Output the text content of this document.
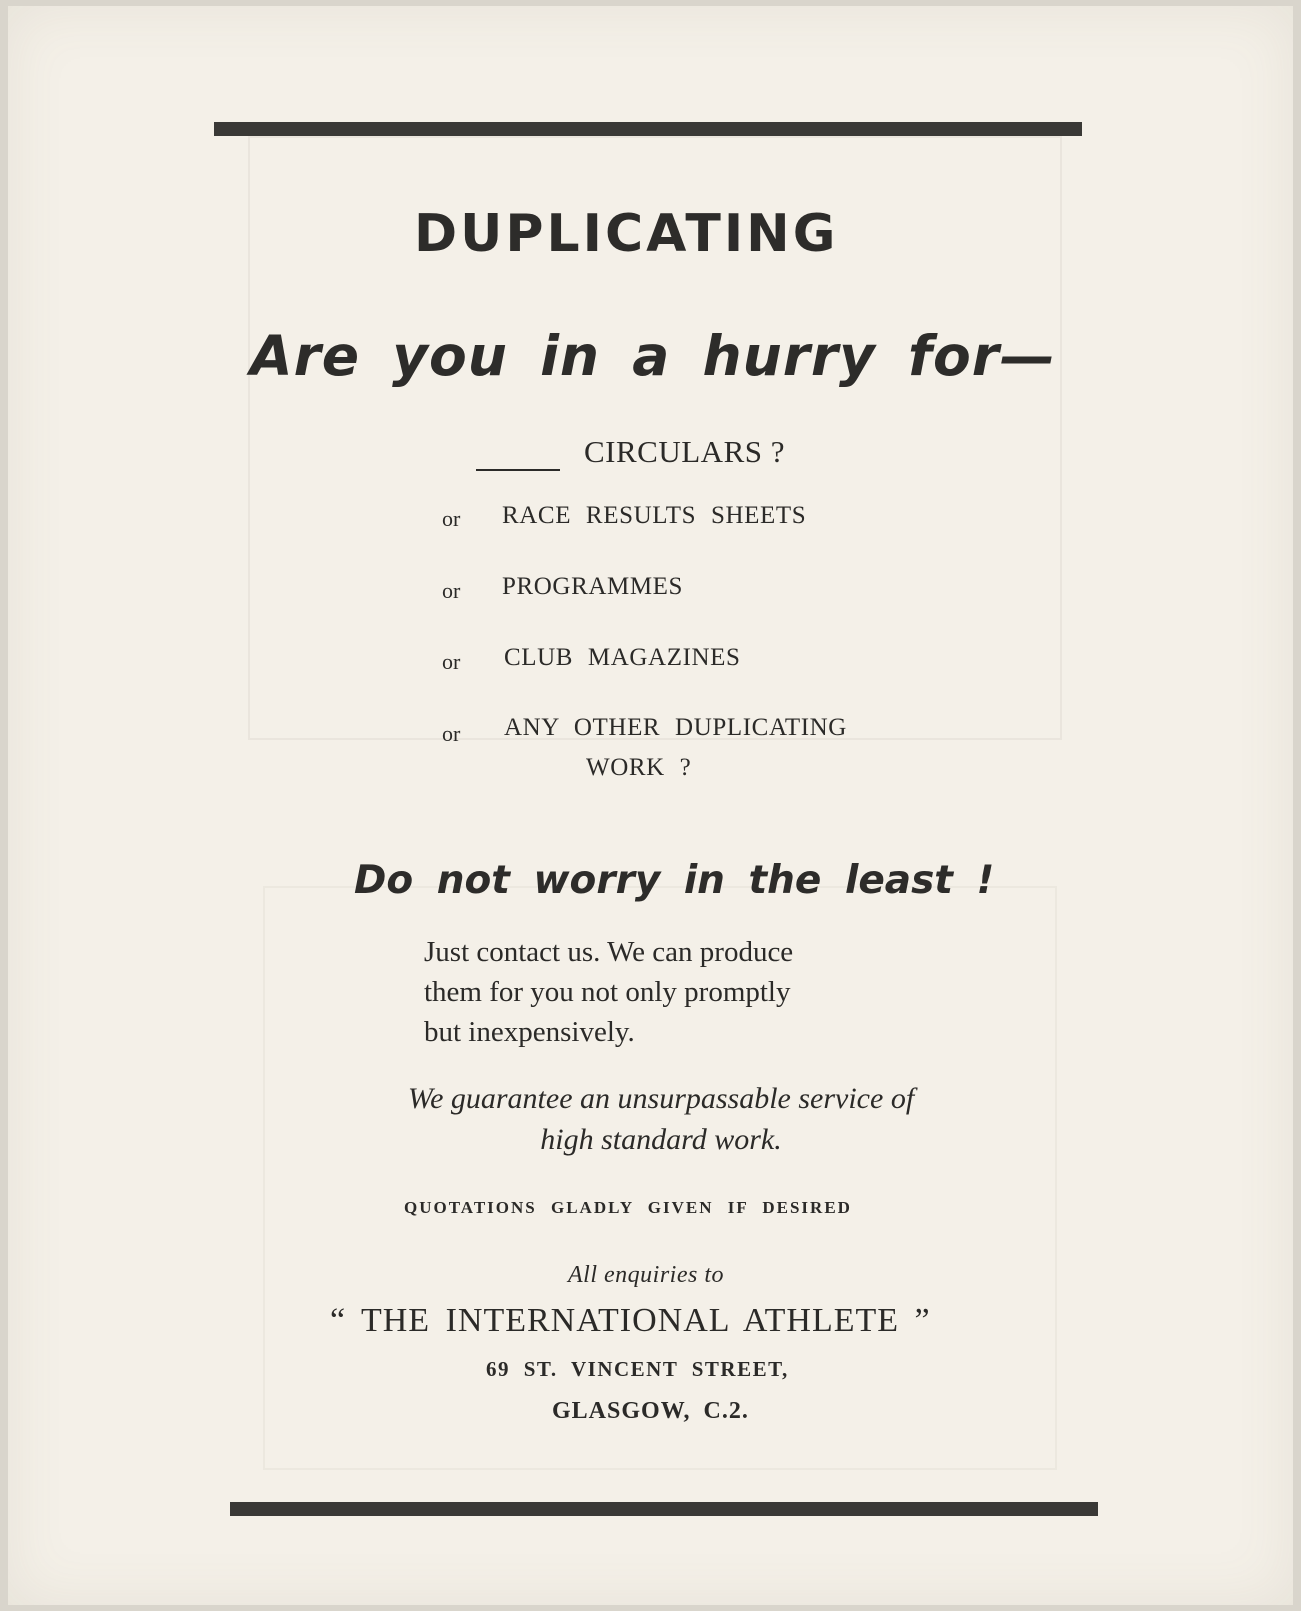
DUPLICATING
Are you in a hurry for—
CIRCULARS ?
or RACE RESULTS SHEETS
or PROGRAMMES
or CLUB MAGAZINES
or ANY OTHER DUPLICATING
WORK ?
Do not worry in the least !
Just contact us. We can produce
them for you not only promptly
but inexpensively.
We guarantee an unsurpassable service of
high standard work.
QUOTATIONS GLADLY GIVEN IF DESIRED
All enquiries to
“ THE INTERNATIONAL ATHLETE ”
69 ST. VINCENT STREET,
GLASGOW, C.2.
